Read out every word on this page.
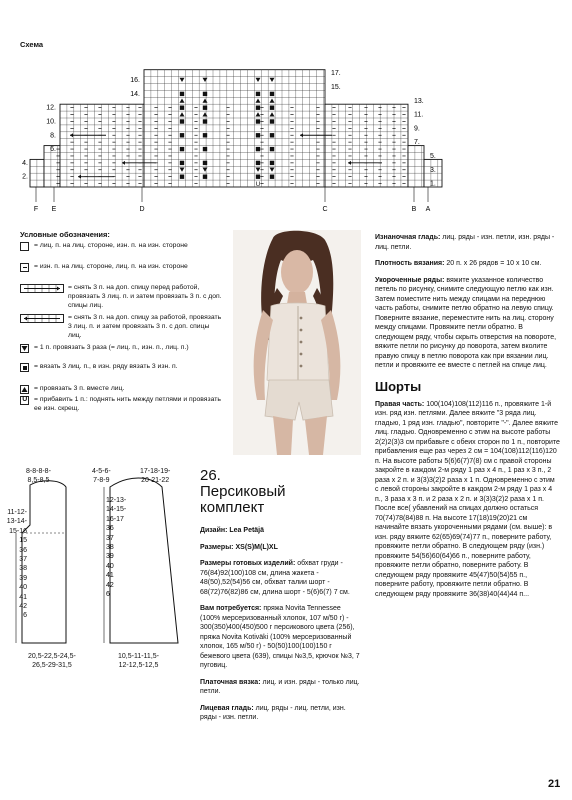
U
16.
14.
12.
10.
8.
6.
4.
2.
17.
15.
13.
11.
9.
7.
5.
3.
1.
F E	D	C	B A
Схема
Условные обозначения:
= лиц. п. на лиц. стороне, изн. п. на изн. стороне
= изн. п. на лиц. стороне, лиц. п. на изн. стороне
= снять 3 п. на доп. спицу перед работой, провязать 3 лиц. п. и затем провязать 3 п. с доп. спицы лиц.
= снять 3 п. на доп. спицу за работой, провязать 3 лиц. п. и затем провязать 3 п. с доп. спицы лиц.
= 1 п. провязать 3 раза (= лиц. п., изн. п., лиц. п.)
= вязать 3 лиц. п., в изн. ряду вязать 3 изн. п.
= провязать 3 п. вместе лиц.
U = прибавить 1 п.: поднять нить между петлями и провязать ее изн. скрещ.
8-8-8-8-
8,5-8,5
4-5-6-
7-8-9
17-18-19-
20-21-22
11-12-
13-14-
15-16
15
36
37
38
39
40
41
42
6
12-13-
14-15-
16-17
36
37
38
39
40
41
42
6
20,5-22,5-24,5-
26,5-29-31,5
10,5-11-11,5-
12-12,5-12,5
26.
Персиковый
комплект
Дизайн: Lea Petäjä
Размеры: XS(S)M(L)XL
Размеры готовых изделий: обхват груди - 76(84)92(100)108 см, длина жакета - 48(50),52(54)56 см, обхват талии шорт - 68(72)76(82)86 см, длина шорт - 5(6)6(7) 7 см.
Вам потребуется: пряжа Novita Tennessee (100% мерсеризованный хлопок, 107 м/50 г) - 300(350)400(450)500 г персикового цвета (256), пряжа Novita Kotiväki (100% мерсеризованный хлопок, 165 м/50 г) - 50(50)100(100)150 г бежевого цвета (639), спицы №3,5, крючок №3, 7 пуговиц.
Платочная вязка: лиц. и изн. ряды - только лиц. петли.
Лицевая гладь: лиц. ряды - лиц. петли, изн. ряды - изн. петли.
Изнаночная гладь: лиц. ряды - изн. петли, изн. ряды - лиц. петли.
Плотность вязания: 20 п. х 26 рядов = 10 х 10 см.
Укороченные ряды: вяжите указанное количество петель по рисунку, снимите следующую петлю как изн. Затем поместите нить между спицами на переднюю часть работы, снимите петлю обратно на левую спицу. Поверните вязание, переместите нить на лиц. сторону между спицами. Провяжите петли обратно. В следующем ряду, чтобы скрыть отверстия на повороте, вяжите петли по рисунку до поворота, затем вколите правую спицу в петлю поворота как при вязании лиц. петли и провяжите ее вместе с петлей на спице лиц.
Шорты
Правая часть: 100(104)108(112)116 п., провяжите 1-й изн. ряд изн. петлями. Далее вяжите "3 ряда лиц. гладью, 1 ряд изн. гладью", повторите "-". Далее вяжите лиц. гладью. Одновременно с этим на высоте работы 2(2)2(3)3 см прибавьте с обеих сторон по 1 п., повторите прибавления еще раз через 2 см = 104(108)112(116)120 п. На высоте работы 5(6)6(7)7(8) см с правой стороны закройте в каждом 2-м ряду 1 раз х 4 п., 1 раз х 3 п., 2 раза х 2 п. и 3(3)3(2)2 раза х 1 п. Одновременно с этим с левой стороны закройте в каждом 2-м ряду 1 раз х 4 п., 3 раза х 3 п. и 2 раза х 2 п. и 3(3)3(2)2 раза х 1 п. После все( убавлений на спицах должно остаться 70(74)78(84)88 п. На высоте 17(18)19(20)21 см начинайте вязать укороченными рядами (см. выше): в изн. ряду вяжите 62(65)69(74)77 п., поверните работу, провяжите петли обратно. В следующем ряду (изн.) провяжите 54(56)60(64)66 п., поверните работу, провяжите петли обратно, поверните работу. В следующем ряду провяжите 45(47)50(54)55 п., поверните работу, провяжите петли обратно. В следующем ряду провяжите 36(38)40(44)44 п...
21
